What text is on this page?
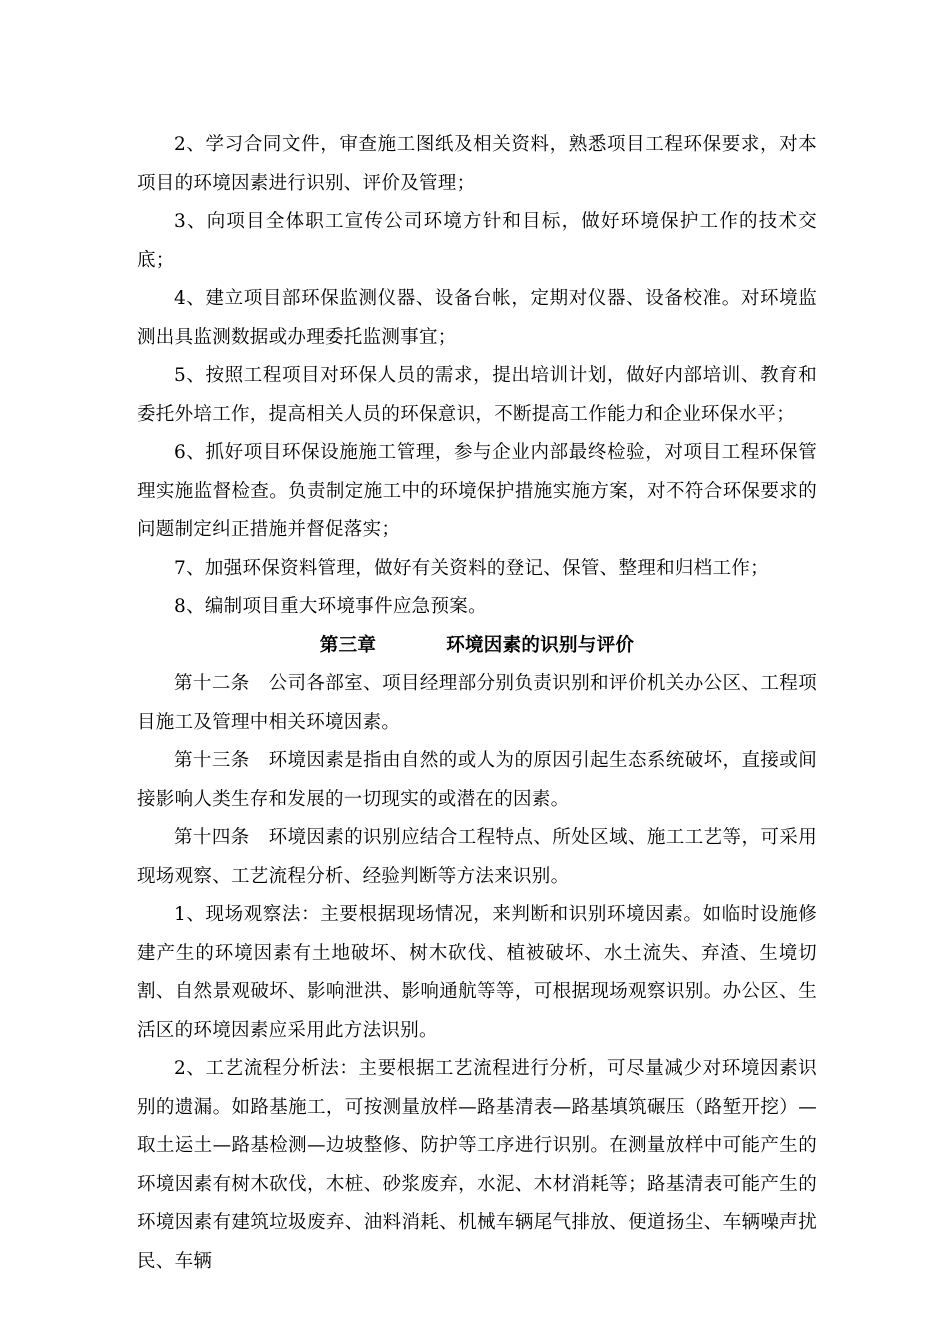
2、学习合同文件，审查施工图纸及相关资料，熟悉项目工程环保要求，对本项目的环境因素进行识别、评价及管理；

3、向项目全体职工宣传公司环境方针和目标，做好环境保护工作的技术交底；

4、建立项目部环保监测仪器、设备台帐，定期对仪器、设备校准。对环境监测出具监测数据或办理委托监测事宜；

5、按照工程项目对环保人员的需求，提出培训计划，做好内部培训、教育和委托外培工作，提高相关人员的环保意识，不断提高工作能力和企业环保水平；

6、抓好项目环保设施施工管理，参与企业内部最终检验，对项目工程环保管理实施监督检查。负责制定施工中的环境保护措施实施方案，对不符合环保要求的问题制定纠正措施并督促落实；

7、加强环保资料管理，做好有关资料的登记、保管、整理和归档工作；

8、编制项目重大环境事件应急预案。

第三章	环境因素的识别与评价

第十二条　公司各部室、项目经理部分别负责识别和评价机关办公区、工程项目施工及管理中相关环境因素。

第十三条　环境因素是指由自然的或人为的原因引起生态系统破坏，直接或间接影响人类生存和发展的一切现实的或潜在的因素。

第十四条　环境因素的识别应结合工程特点、所处区域、施工工艺等，可采用现场观察、工艺流程分析、经验判断等方法来识别。

1、现场观察法：主要根据现场情况，来判断和识别环境因素。如临时设施修建产生的环境因素有土地破坏、树木砍伐、植被破坏、水土流失、弃渣、生境切割、自然景观破坏、影响泄洪、影响通航等等，可根据现场观察识别。办公区、生活区的环境因素应采用此方法识别。

2、工艺流程分析法：主要根据工艺流程进行分析，可尽量减少对环境因素识别的遗漏。如路基施工，可按测量放样—路基清表—路基填筑碾压（路堑开挖）—取土运土—路基检测—边坡整修、防护等工序进行识别。在测量放样中可能产生的环境因素有树木砍伐，木桩、砂浆废弃，水泥、木材消耗等；路基清表可能产生的环境因素有建筑垃圾废弃、油料消耗、机械车辆尾气排放、便道扬尘、车辆噪声扰民、车辆
